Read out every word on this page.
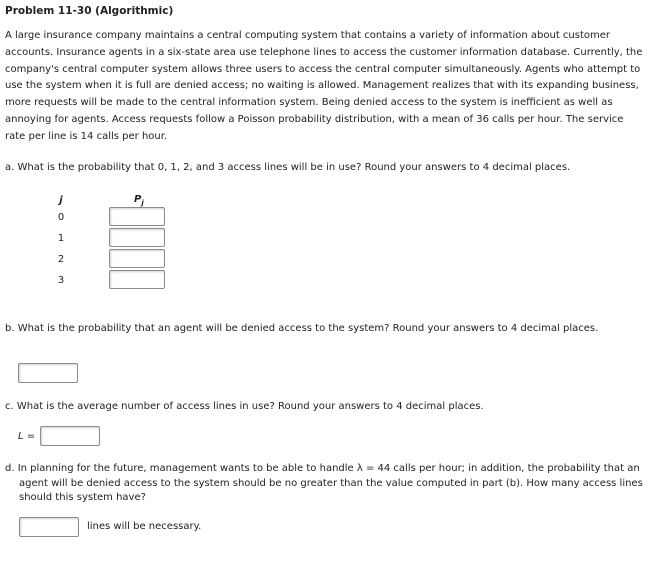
Problem 11-30 (Algorithmic)
A large insurance company maintains a central computing system that contains a variety of information about customer accounts. Insurance agents in a six-state area use telephone lines to access the customer information database. Currently, the company's central computer system allows three users to access the central computer simultaneously. Agents who attempt to use the system when it is full are denied access; no waiting is allowed. Management realizes that with its expanding business, more requests will be made to the central information system. Being denied access to the system is inefficient as well as annoying for agents. Access requests follow a Poisson probability distribution, with a mean of 36 calls per hour. The service rate per line is 14 calls per hour.
a. What is the probability that 0, 1, 2, and 3 access lines will be in use? Round your answers to 4 decimal places.
j	$P_j$
0
1
2
3
b. What is the probability that an agent will be denied access to the system? Round your answers to 4 decimal places.
c. What is the average number of access lines in use? Round your answers to 4 decimal places.
L =
d. In planning for the future, management wants to be able to handle λ = 44 calls per hour; in addition, the probability that an agent will be denied access to the system should be no greater than the value computed in part (b). How many access lines should this system have?
lines will be necessary.
